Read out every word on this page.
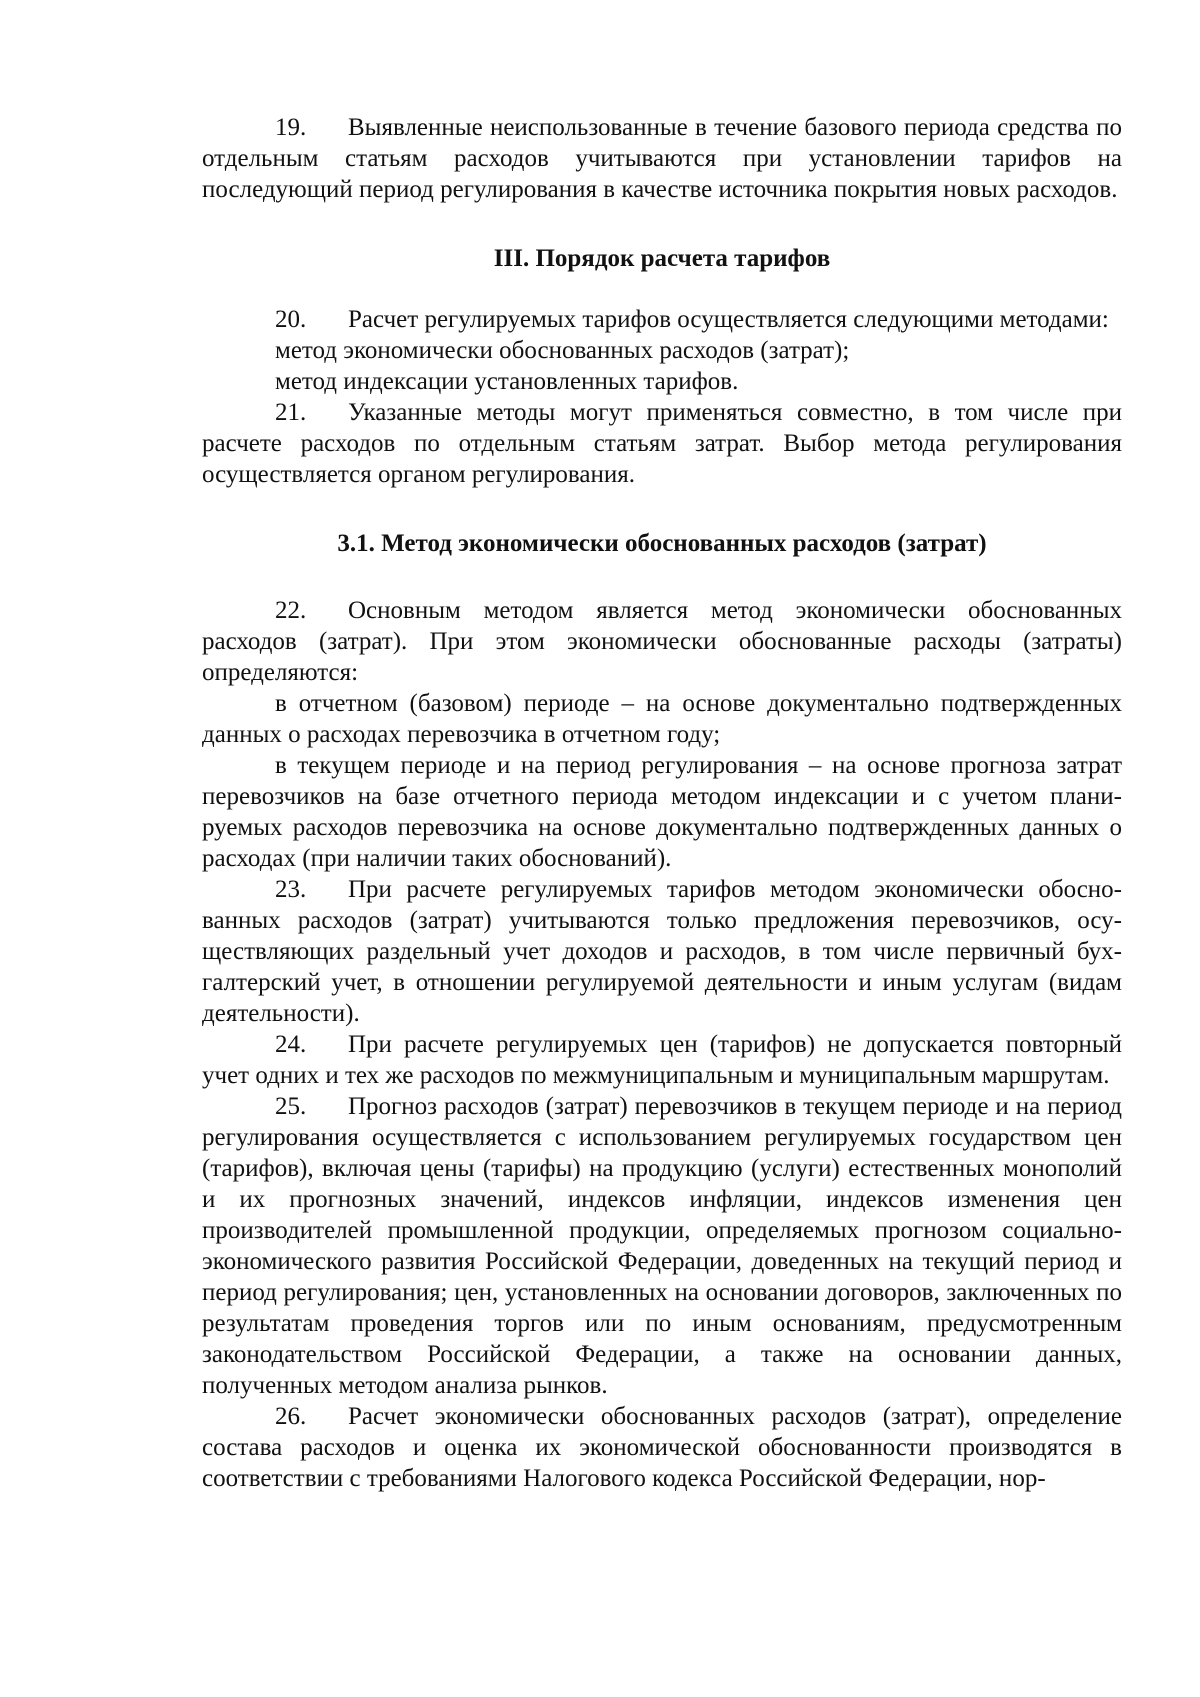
19. Выявленные неиспользованные в течение базового периода средства по отдельным статьям расходов учитываются при установлении тарифов на последующий период регулирования в качестве источника покрытия новых расходов.

III. Порядок расчета тарифов

20. Расчет регулируемых тарифов осуществляется следующими методами:

метод экономически обоснованных расходов (затрат);

метод индексации установленных тарифов.

21. Указанные методы могут применяться совместно, в том числе при расчете расходов по отдельным статьям затрат. Выбор метода регулирования осуществляется органом регулирования.

3.1. Метод экономически обоснованных расходов (затрат)

22. Основным методом является метод экономически обоснованных расходов (затрат). При этом экономически обоснованные расходы (затраты) определяются:

в отчетном (базовом) периоде – на основе документально подтвержденных данных о расходах перевозчика в отчетном году;

в текущем периоде и на период регулирования – на основе прогноза затрат перевозчиков на базе отчетного периода методом индексации и с учетом планируемых расходов перевозчика на основе документально подтвержденных данных о расходах (при наличии таких обоснований).

23. При расчете регулируемых тарифов методом экономически обоснованных расходов (затрат) учитываются только предложения перевозчиков, осуществляющих раздельный учет доходов и расходов, в том числе первичный бухгалтерский учет, в отношении регулируемой деятельности и иным услугам (видам деятельности).

24. При расчете регулируемых цен (тарифов) не допускается повторный учет одних и тех же расходов по межмуниципальным и муниципальным маршрутам.

25. Прогноз расходов (затрат) перевозчиков в текущем периоде и на период регулирования осуществляется с использованием регулируемых государством цен (тарифов), включая цены (тарифы) на продукцию (услуги) естественных монополий и их прогнозных значений, индексов инфляции, индексов изменения цен производителей промышленной продукции, определяемых прогнозом социально-экономического развития Российской Федерации, доведенных на текущий период и период регулирования; цен, установленных на основании договоров, заключенных по результатам проведения торгов или по иным основаниям, предусмотренным законодательством Российской Федерации, а также на основании данных, полученных методом анализа рынков.

26. Расчет экономически обоснованных расходов (затрат), определение состава расходов и оценка их экономической обоснованности производятся в соответствии с требованиями Налогового кодекса Российской Федерации, нор-
